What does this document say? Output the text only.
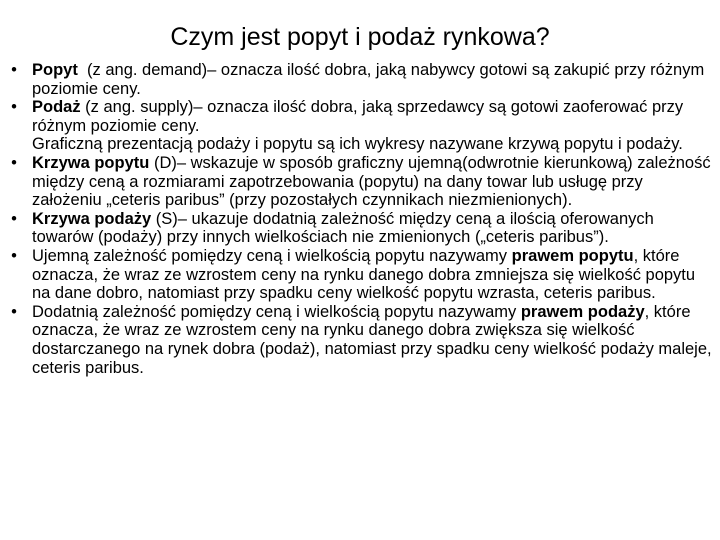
Czym jest popyt i podaż rynkowa?
• Popyt  (z ang. demand)– oznacza ilość dobra, jaką nabywcy gotowi są zakupić przy różnym poziomie ceny.
• Podaż (z ang. supply)– oznacza ilość dobra, jaką sprzedawcy są gotowi zaoferować przy różnym poziomie ceny.
Graficzną prezentacją podaży i popytu są ich wykresy nazywane krzywą popytu i podaży.
• Krzywa popytu (D)– wskazuje w sposób graficzny ujemną(odwrotnie kierunkową) zależność między ceną a rozmiarami zapotrzebowania (popytu) na dany towar lub usługę przy założeniu „ceteris paribus” (przy pozostałych czynnikach niezmienionych).
• Krzywa podaży (S)– ukazuje dodatnią zależność między ceną a ilością oferowanych towarów (podaży) przy innych wielkościach nie zmienionych („ceteris paribus”).
• Ujemną zależność pomiędzy ceną i wielkością popytu nazywamy prawem popytu, które oznacza, że wraz ze wzrostem ceny na rynku danego dobra zmniejsza się wielkość popytu na dane dobro, natomiast przy spadku ceny wielkość popytu wzrasta, ceteris paribus.
• Dodatnią zależność pomiędzy ceną i wielkością popytu nazywamy prawem podaży, które oznacza, że wraz ze wzrostem ceny na rynku danego dobra zwiększa się wielkość dostarczanego na rynek dobra (podaż), natomiast przy spadku ceny wielkość podaży maleje, ceteris paribus.
